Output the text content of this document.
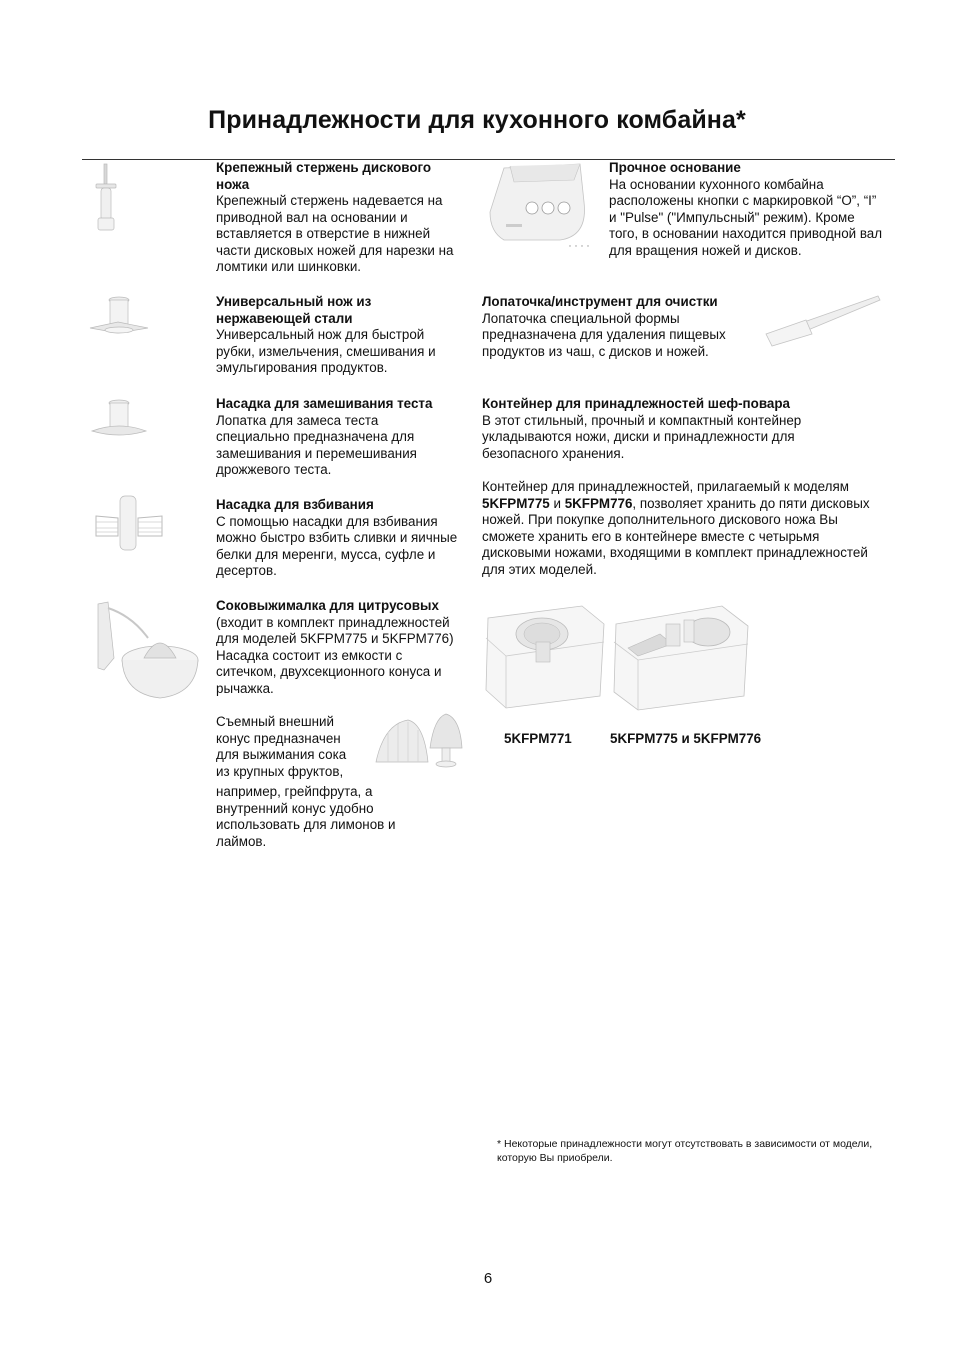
Принадлежности для кухонного комбайна*
Крепежный стержень дискового ножа

Крепежный стержень надевается на приводной вал на основании и вставляется в отверстие в нижней части дисковых ножей для нарезки на ломтики или шинковки.

Универсальный нож из нержавеющей стали

Универсальный нож для быстрой рубки, измельчения, смешивания и эмульгирования продуктов.

Насадка для замешивания теста

Лопатка для замеса теста специально предназначена для замешивания и перемешивания дрожжевого теста.

Насадка для взбивания

С помощью насадки для взбивания можно быстро взбить сливки и яичные белки для меренги, мусса, суфле и десертов.

Соковыжималка для цитрусовых

(входит в комплект принадлежностей для моделей 5KFPM775 и 5KFPM776) Насадка состоит из емкости с ситечком, двухсекционного конуса и рычажка.

Съемный внешний конус предназначен для выжимания сока из крупных фруктов,

например, грейпфрута, а внутренний конус удобно использовать для лимонов и лаймов.

Прочное основание

На основании кухонного комбайна расположены кнопки с маркировкой “O”, “I” и "Pulse" ("Импульсный" режим). Кроме того, в основании находится приводной вал для вращения ножей и дисков.

Лопаточка/инструмент для очистки

Лопаточка специальной формы предназначена для удаления пищевых продуктов из чаш, с дисков и ножей.

Контейнер для принадлежностей шеф-повара

В этот стильный, прочный и компактный контейнер укладываются ножи, диски и принадлежности для безопасного хранения.

Контейнер для принадлежностей, прилагаемый к моделям 5KFPM775 и 5KFPM776, позволяет хранить до пяти дисковых ножей. При покупке дополнительного дискового ножа Вы сможете хранить его в контейнере вместе с четырьмя дисковыми ножами, входящими в комплект принадлежностей для этих моделей.

5KFPM771	5KFPM775 и 5KFPM776
* Некоторые принадлежности могут отсутствовать в зависимости от модели, которую Вы приобрели.
6
